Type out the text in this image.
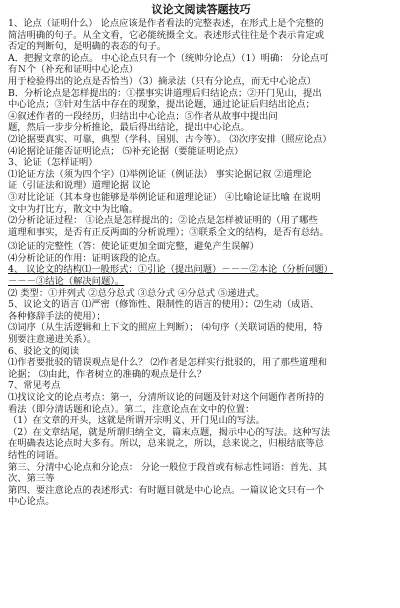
议论文阅读答题技巧
1、论点（证明什么） 论点应该是作者看法的完整表述，在形式上是个完整的
简洁明确的句子。从全文看，它必能统摄全文。表述形式往往是个表示肯定或
否定的判断句，是明确的表态的句子。
A．把握文章的论点。 中心论点只有一个（统帅分论点）（1）明确： 分论点可
有Ｎ个（补充和证明中心论点）
用于检验得出的论点是否恰当）（3）摘录法（只有分论点，而无中心论点）
B．分析论点是怎样提出的：①摆事实讲道理后归结论点；②开门见山，提出
中心论点；③针对生活中存在的现象，提出论题，通过论证后归结出论点；
④叙述作者的一段经历，归结出中心论点；⑤作者从故事中提出问
题，然后一步步分析推论，最后得出结论，提出中心论点。
⑵论据要真实、可靠，典型（学科、国别、古今等）。 ⑶次序安排（照应论点）
⑷论据论证能否证明论点； ⑸补充论据（要能证明论点）
3、论证（怎样证明）
⑴论证方法（须为四个字）⑴举例论证（例证法） 事实论据记叙 ②道理论
证（引证法和说理）道理论据 议论
③对比论证（其本身也能够是举例论证和道理论证） ④比喻论证比喻 在说明
文中为打比方，散文中为比喻。
⑵分析论证过程： ①论点是怎样提出的；②论点是怎样被证明的（用了哪些
道理和事实，是否有正反两面的分析说理）；③联系全文的结构，是否有总结。
⑶论证的完整性（答：使论证更加全面完整，避免产生误解）
⑷分析论证的作用：证明该段的论点。
4、 议论文的结构⑴一般形式：①引论（提出问题）－－－②本论（分析问题）
－－－③结论（解决问题）。
⑵ 类型：①并列式 ②总分总式 ③总分式 ④分总式 ⑤递进式。
5、议论文的语言 ⑴严密（修饰性、限制性的语言的使用）；⑵生动（成语、
各种修辞手法的使用）；
⑶词序（从生活逻辑和上下文的照应上判断）； ⑷句序（关联词语的使用，特
别要注意递进关系）。
6、驳论文的阅读
⑴作者要批驳的错误观点是什么？ ⑵作者是怎样实行批驳的，用了那些道理和
论据； ⑶由此，作者树立的准确的观点是什么？
7、常见考点
⑴找议论文的论点考点：第一，分清所议论的问题及针对这个问题作者所持的
看法（即分清话题和论点）。第二，注意论点在文中的位置：
（1）在文章的开头，这就是所谓开宗明义、开门见山的写法。
（2）在文章结尾，就是所谓归纳全文，篇末点题，揭示中心的写法。这种写法
在明确表达论点时大多有。所以，总来说之，所以，总来说之，归根结底等总
结性的词语。
第三、分清中心论点和分论点： 分论一般位于段首或有标志性词语：首先、其
次、第三等
第四、要注意论点的表述形式：有时题目就是中心论点。一篇议论文只有一个
中心论点。
